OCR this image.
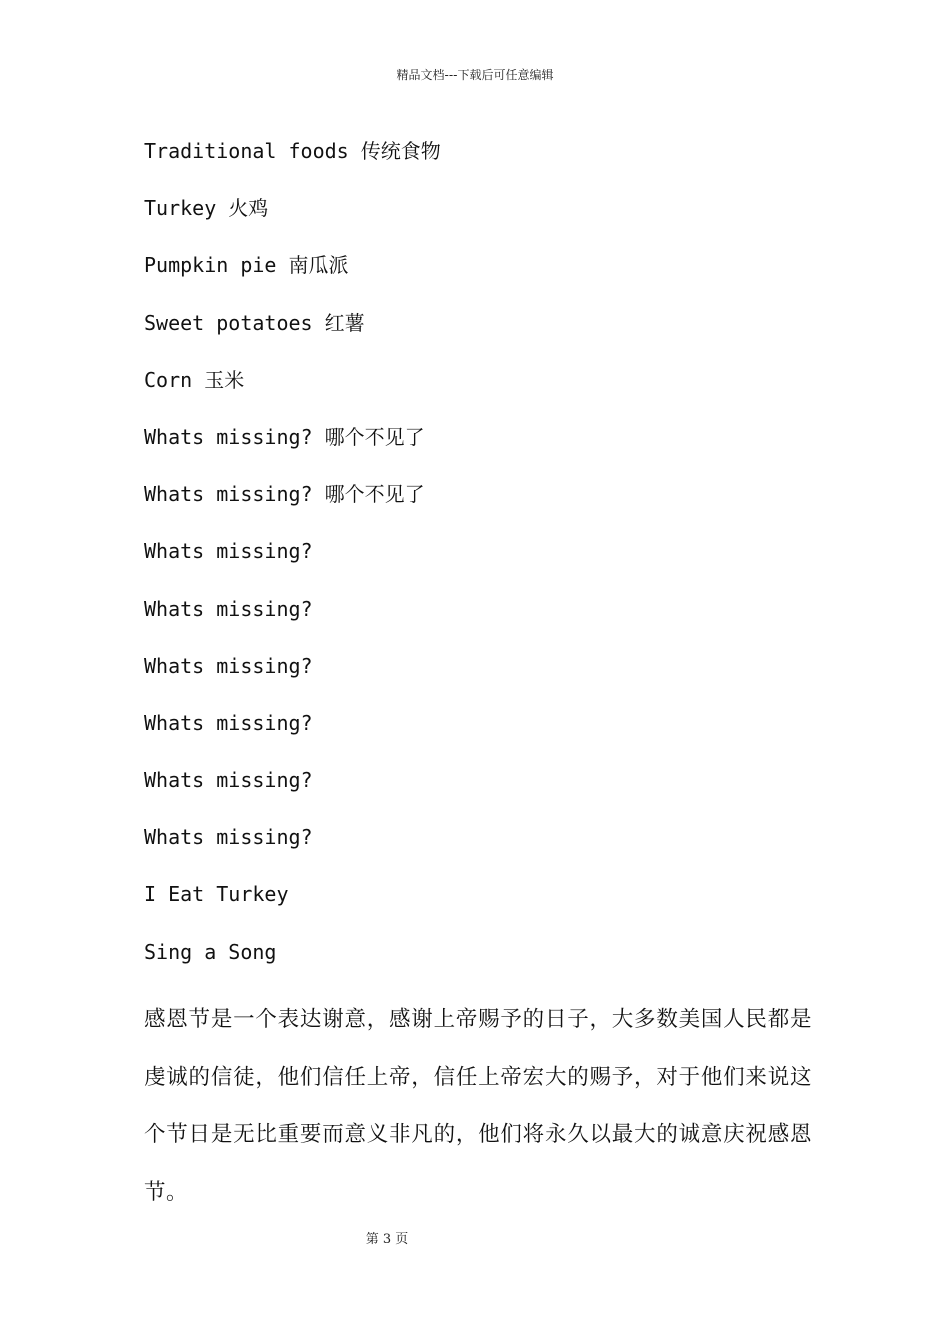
精品文档---下载后可任意编辑
Traditional foods 传统食物
Turkey 火鸡
Pumpkin pie 南瓜派
Sweet potatoes 红薯
Corn 玉米
Whats missing? 哪个不见了
Whats missing? 哪个不见了
Whats missing?
Whats missing?
Whats missing?
Whats missing?
Whats missing?
Whats missing?
I Eat Turkey
Sing a Song
感恩节是一个表达谢意，感谢上帝赐予的日子，大多数美国人民都是虔诚的信徒，他们信任上帝，信任上帝宏大的赐予，对于他们来说这个节日是无比重要而意义非凡的，他们将永久以最大的诚意庆祝感恩节。
第 3 页
